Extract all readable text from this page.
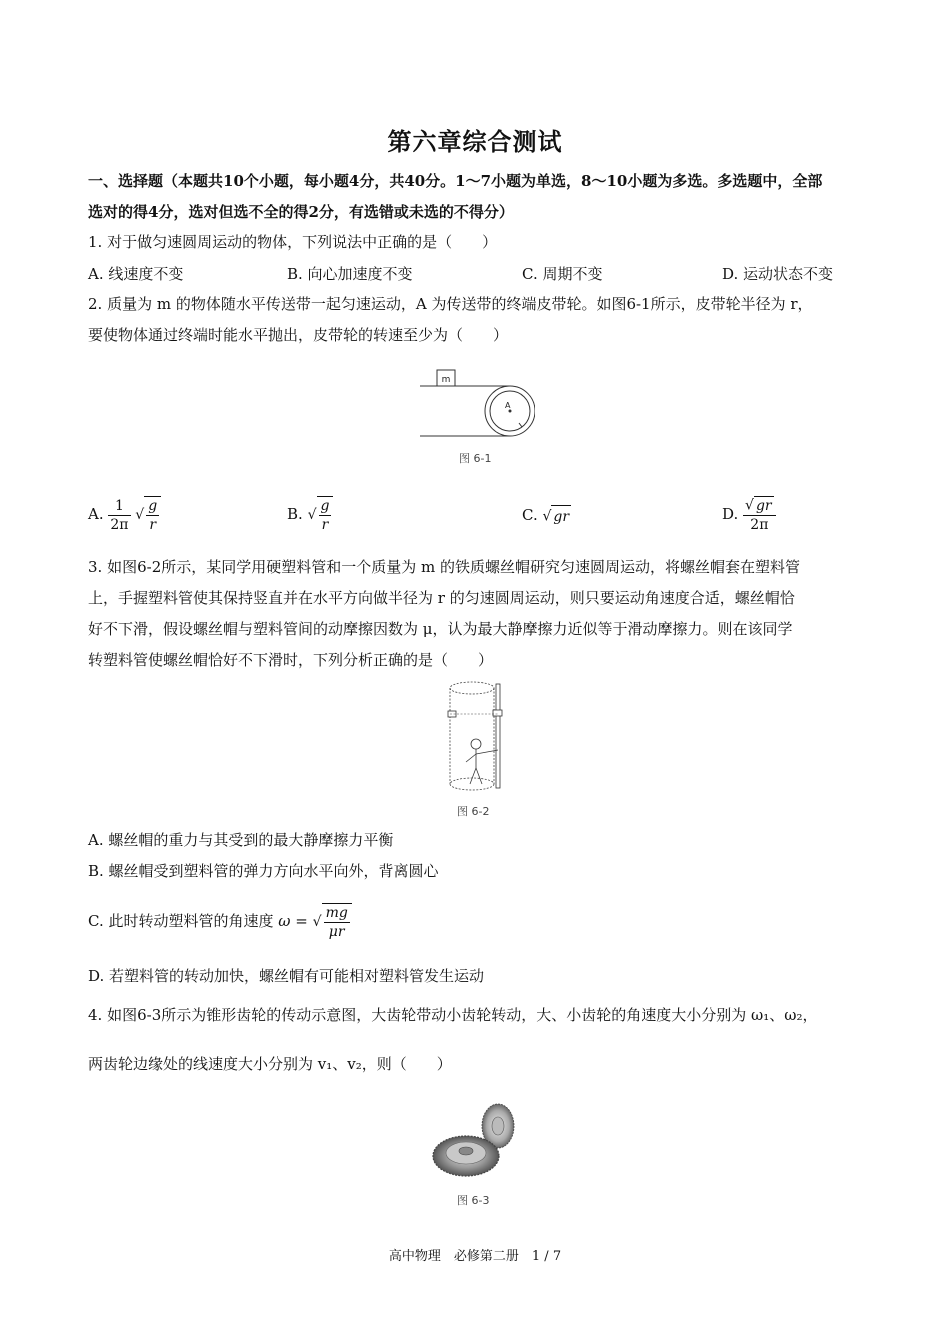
第六章综合测试
一、选择题（本题共10个小题，每小题4分，共40分。1～7小题为单选，8～10小题为多选。多选题中，全部
选对的得4分，选对但选不全的得2分，有选错或未选的不得分）
1. 对于做匀速圆周运动的物体，下列说法中正确的是（　　）
A. 线速度不变	B. 向心加速度不变	C. 周期不变	D. 运动状态不变
2. 质量为 m 的物体随水平传送带一起匀速运动，A 为传送带的终端皮带轮。如图6-1所示，皮带轮半径为 r，
要使物体通过终端时能水平抛出，皮带轮的转速至少为（　　）
m
A
图 6-1
A. $\frac{1}{2\pi}$ √ $\frac{g}{r}$	B. √ $\frac{g}{r}$	C. √ gr	D. $\frac{√ gr}{2\pi}$
3. 如图6-2所示，某同学用硬塑料管和一个质量为 m 的铁质螺丝帽研究匀速圆周运动，将螺丝帽套在塑料管
上，手握塑料管使其保持竖直并在水平方向做半径为 r 的匀速圆周运动，则只要运动角速度合适，螺丝帽恰
好不下滑，假设螺丝帽与塑料管间的动摩擦因数为 μ，认为最大静摩擦力近似等于滑动摩擦力。则在该同学
转塑料管使螺丝帽恰好不下滑时，下列分析正确的是（　　）
图 6-2
A. 螺丝帽的重力与其受到的最大静摩擦力平衡
B. 螺丝帽受到塑料管的弹力方向水平向外，背离圆心
C. 此时转动塑料管的角速度 ω = √ $\frac{mg}{\mu r}$
D. 若塑料管的转动加快，螺丝帽有可能相对塑料管发生运动
4. 如图6-3所示为锥形齿轮的传动示意图，大齿轮带动小齿轮转动，大、小齿轮的角速度大小分别为 ω₁、ω₂，
两齿轮边缘处的线速度大小分别为 v₁、v₂，则（　　）
图 6-3
高中物理　必修第二册　1 / 7
